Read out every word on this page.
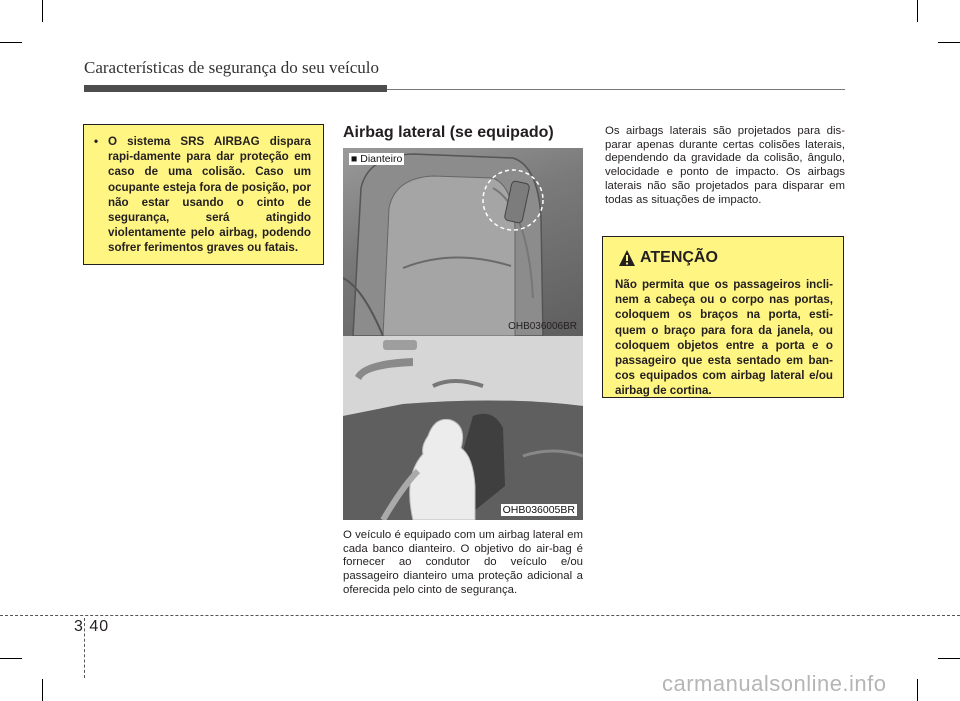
Características de segurança do seu veículo
• O sistema SRS AIRBAG dispara rapi-damente para dar proteção em caso de uma colisão. Caso um ocupante esteja fora de posição, por não estar usando o cinto de segurança, será atingido violentamente pelo airbag, podendo sofrer ferimentos graves ou fatais.
Airbag lateral (se equipado)
■ Dianteiro
OHB036006BR
OHB036005BR
O veículo é equipado com um airbag lateral em cada banco dianteiro. O objetivo do air-bag é fornecer ao condutor do veículo e/ou passageiro dianteiro uma proteção adicional a oferecida pelo cinto de segurança.
Os airbags laterais são projetados para dis-parar apenas durante certas colisões laterais, dependendo da gravidade da colisão, ângulo, velocidade e ponto de impacto. Os airbags laterais não são projetados para disparar em todas as situações de impacto.
ATENÇÃO
Não permita que os passageiros incli-nem a cabeça ou o corpo nas portas, coloquem os braços na porta, esti-quem o braço para fora da janela, ou coloquem objetos entre a porta e o passageiro que esta sentado em ban-cos equipados com airbag lateral e/ou airbag de cortina.
3 40
carmanualsonline.info
